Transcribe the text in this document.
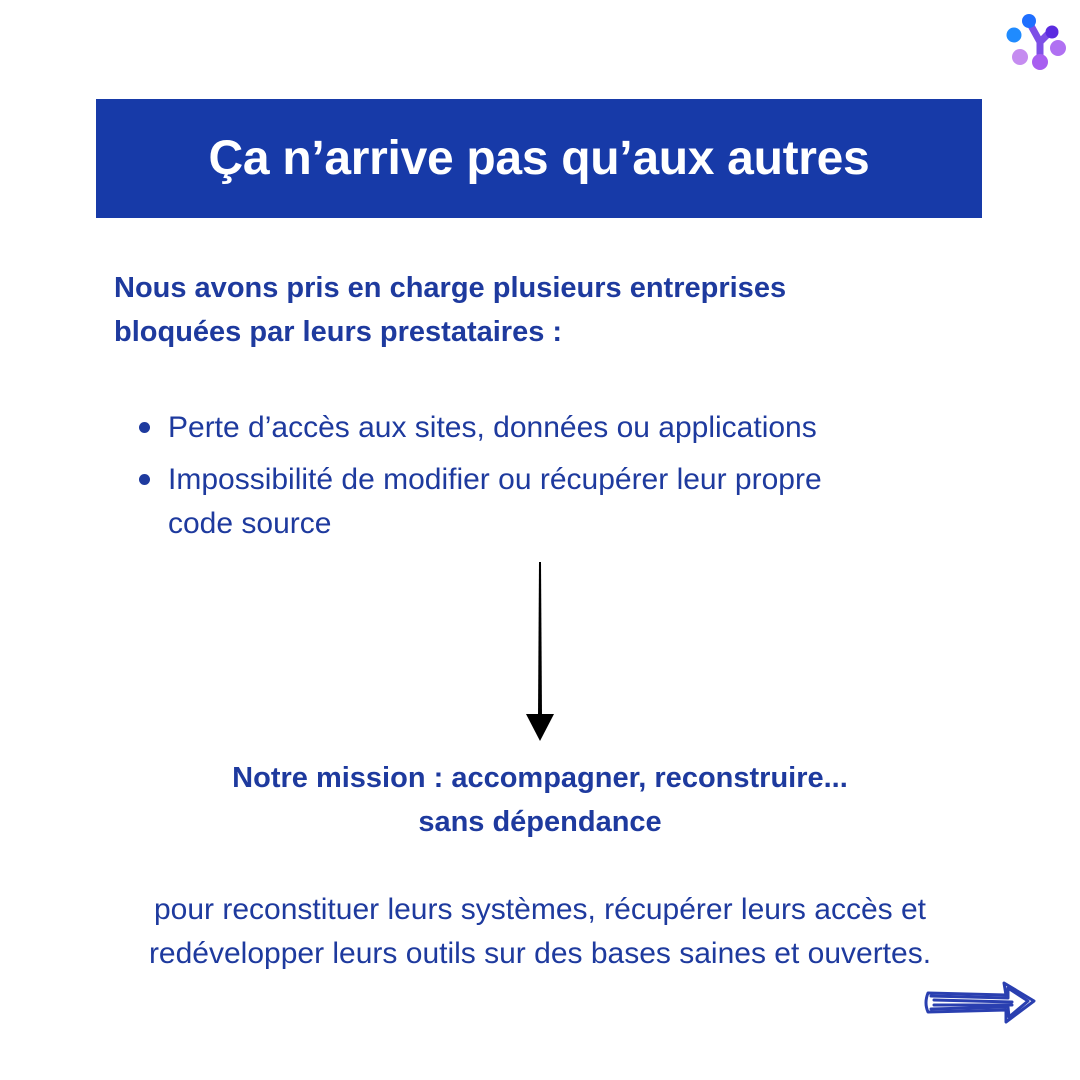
Ça n’arrive pas qu’aux autres
Nous avons pris en charge plusieurs entreprises
bloquées par leurs prestataires :
Perte d’accès aux sites, données ou applications
Impossibilité de modifier ou récupérer leur propre
code source
Notre mission : accompagner, reconstruire...
sans dépendance
pour reconstituer leurs systèmes, récupérer leurs accès et
redévelopper leurs outils sur des bases saines et ouvertes.
